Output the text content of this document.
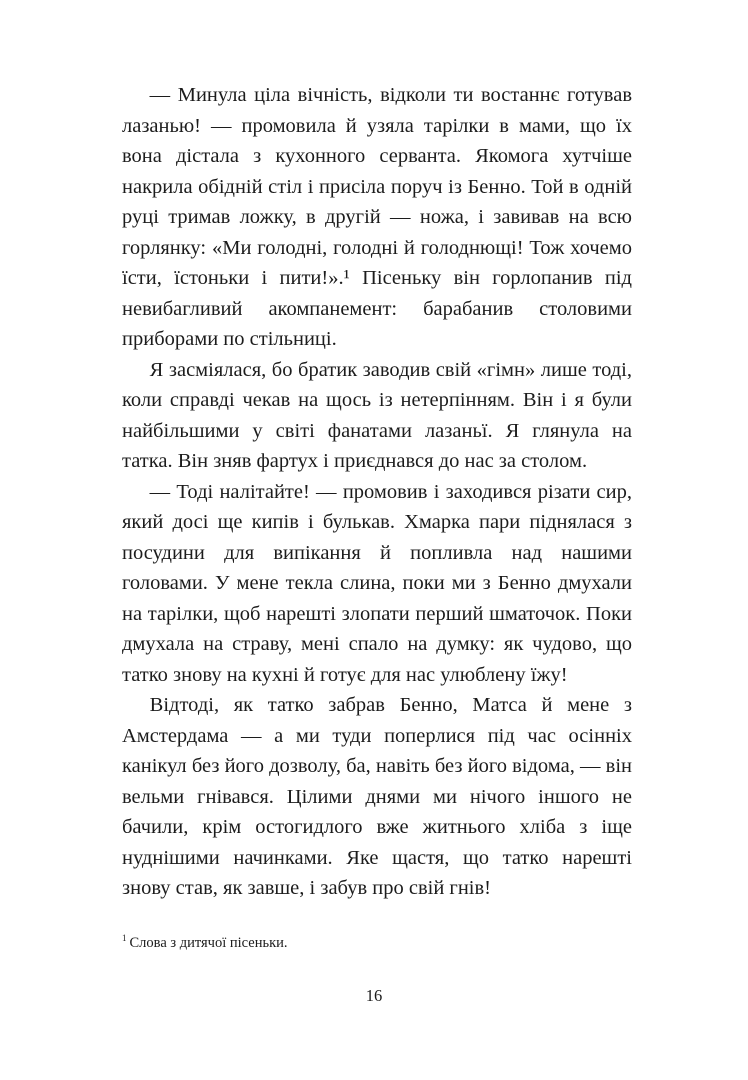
— Минула ціла вічність, відколи ти востаннє готував лазанью! — промовила й узяла тарілки в мами, що їх вона дістала з кухонного серванта. Якомога хутчіше накрила обідній стіл і присіла поруч із Бенно. Той в одній руці тримав ложку, в другій — ножа, і завивав на всю горлянку: «Ми голодні, голодні й голоднющі! Тож хочемо їсти, їстоньки і пити!».¹ Пісеньку він горлопанив під невибагливий акомпанемент: барабанив столовими приборами по стільниці.

Я засміялася, бо братик заводив свій «гімн» лише тоді, коли справді чекав на щось із нетерпінням. Він і я були найбільшими у світі фанатами лазаньї. Я глянула на татка. Він зняв фартух і приєднався до нас за столом.

— Тоді налітайте! — промовив і заходився різати сир, який досі ще кипів і булькав. Хмарка пари піднялася з посудини для випікання й попливла над нашими головами. У мене текла слина, поки ми з Бенно дмухали на тарілки, щоб нарешті злопати перший шматочок. Поки дмухала на страву, мені спало на думку: як чудово, що татко знову на кухні й готує для нас улюблену їжу!

Відтоді, як татко забрав Бенно, Матса й мене з Амстердама — а ми туди поперлися під час осінніх канікул без його дозволу, ба, навіть без його відома, — він вельми гнівався. Цілими днями ми нічого іншого не бачили, крім остогидлого вже житнього хліба з іще нуднішими начинками. Яке щастя, що татко нарешті знову став, як завше, і забув про свій гнів!

$^1$ Слова з дитячої пісеньки.
16
